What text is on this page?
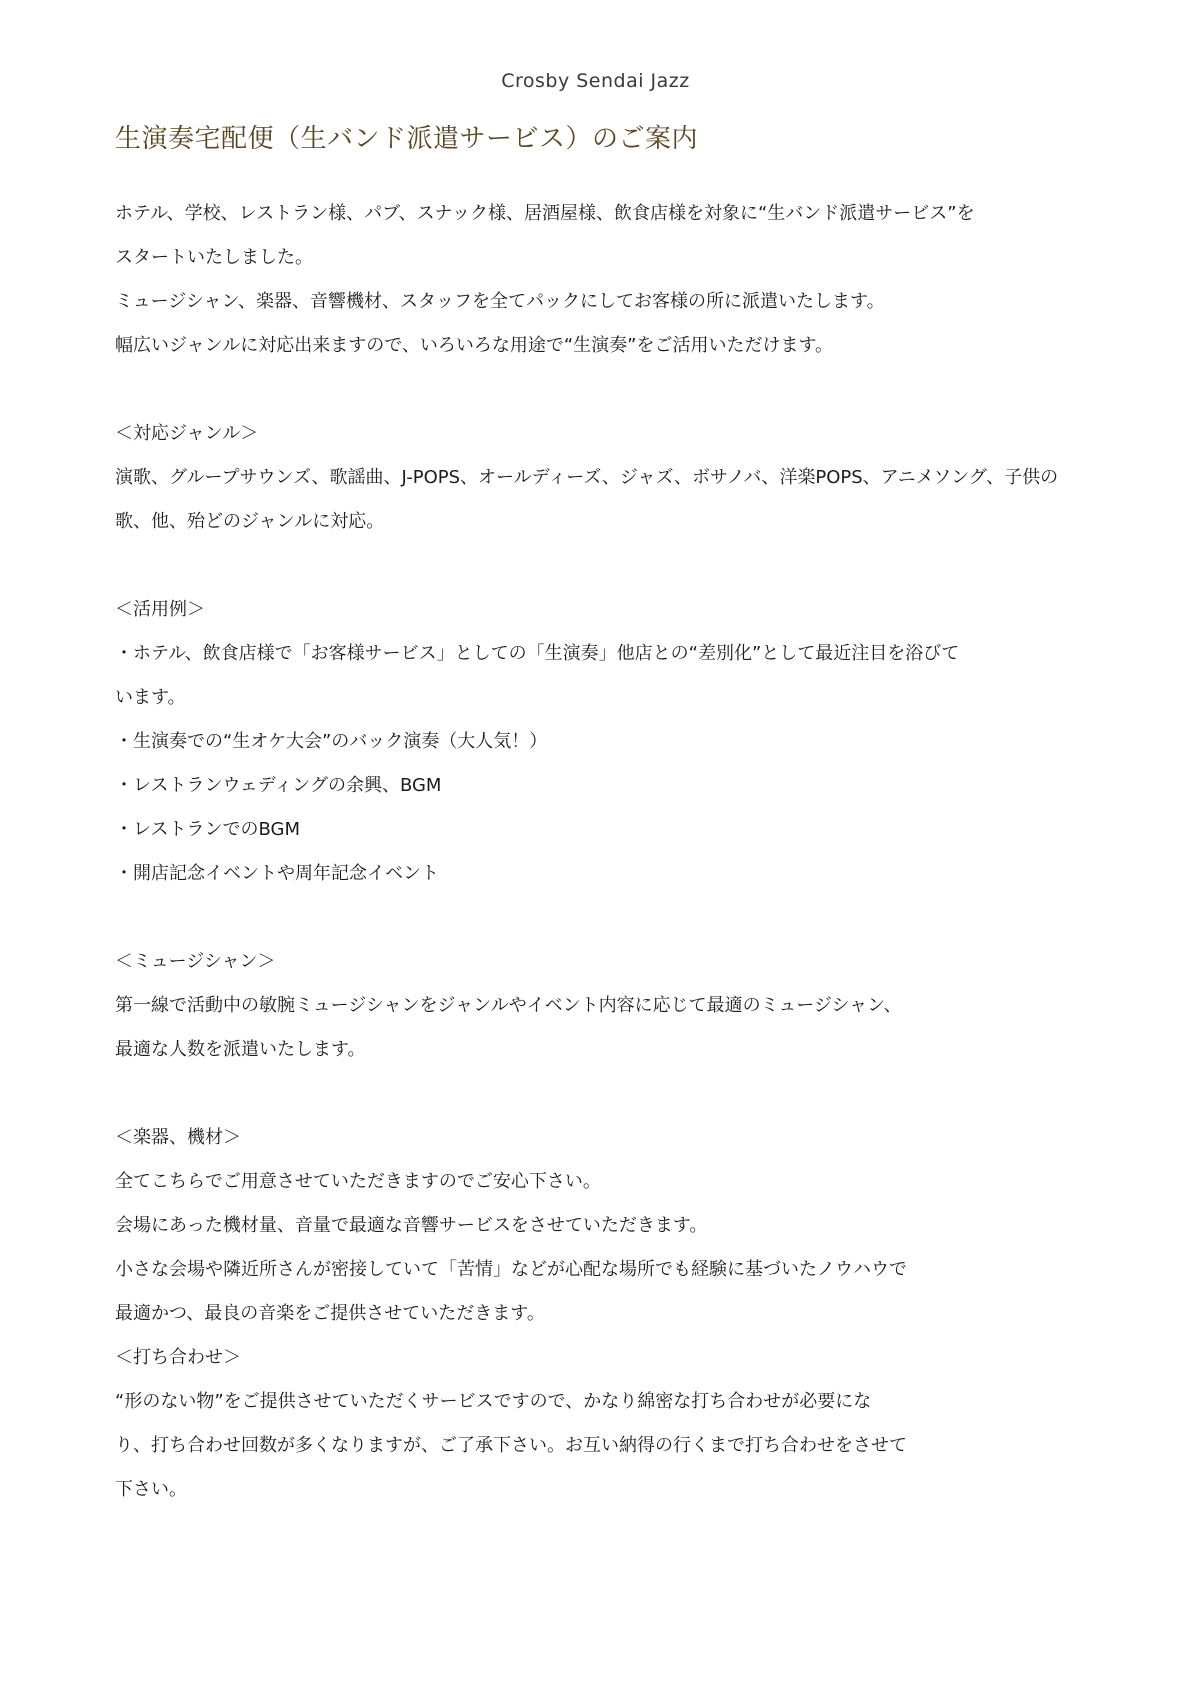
Crosby Sendai Jazz
生演奏宅配便（生バンド派遣サービス）のご案内
ホテル、学校、レストラン様、パブ、スナック様、居酒屋様、飲食店様を対象に“生バンド派遣サービス”を
スタートいたしました。
ミュージシャン、楽器、音響機材、スタッフを全てパックにしてお客様の所に派遣いたします。
幅広いジャンルに対応出来ますので、いろいろな用途で“生演奏”をご活用いただけます。
＜対応ジャンル＞
演歌、グループサウンズ、歌謡曲、J-POPS、オールディーズ、ジャズ、ボサノバ、洋楽POPS、アニメソング、子供の
歌、他、殆どのジャンルに対応。
＜活用例＞
・ホテル、飲食店様で「お客様サービス」としての「生演奏」他店との“差別化”として最近注目を浴びて
います。
・生演奏での“生オケ大会”のバック演奏（大人気！）
・レストランウェディングの余興、BGM
・レストランでのBGM
・開店記念イベントや周年記念イベント
＜ミュージシャン＞
第一線で活動中の敏腕ミュージシャンをジャンルやイベント内容に応じて最適のミュージシャン、
最適な人数を派遣いたします。
＜楽器、機材＞
全てこちらでご用意させていただきますのでご安心下さい。
会場にあった機材量、音量で最適な音響サービスをさせていただきます。
小さな会場や隣近所さんが密接していて「苦情」などが心配な場所でも経験に基づいたノウハウで
最適かつ、最良の音楽をご提供させていただきます。
＜打ち合わせ＞
“形のない物”をご提供させていただくサービスですので、かなり綿密な打ち合わせが必要にな
り、打ち合わせ回数が多くなりますが、ご了承下さい。お互い納得の行くまで打ち合わせをさせて
下さい。
